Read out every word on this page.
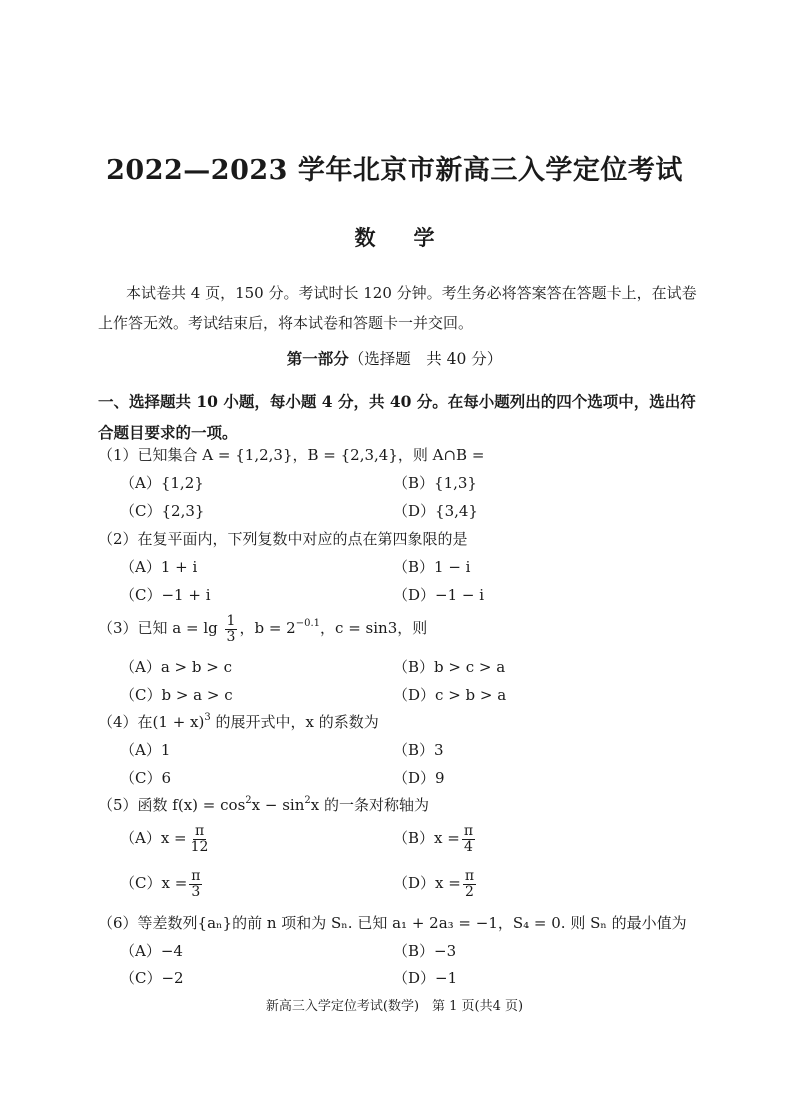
2022—2023 学年北京市新高三入学定位考试
数学
本试卷共 4 页，150 分。考试时长 120 分钟。考生务必将答案答在答题卡上，在试卷上作答无效。考试结束后，将本试卷和答题卡一并交回。
第一部分（选择题　共 40 分）
一、选择题共 10 小题，每小题 4 分，共 40 分。在每小题列出的四个选项中，选出符合题目要求的一项。
（1）已知集合 A = {1,2,3}，B = {2,3,4}，则 A∩B =
（A）{1,2}	（B）{1,3}
（C）{2,3}	（D）{3,4}
（2）在复平面内，下列复数中对应的点在第四象限的是
（A）1 + i	（B）1 − i
（C）−1 + i	（D）−1 − i
（3）已知 $a = \lg \frac{1}{3}$ ，$b = 2^{-0.1}$，c = sin3，则
（A）a > b > c	（B）b > c > a
（C）b > a > c	（D）c > b > a
（4）在$(1 + x)^3$ 的展开式中，x 的系数为
（A）1	（B）3
（C）6	（D）9
（5）函数 $f(x) = \cos^2x - \sin^2x$ 的一条对称轴为
$(A)x = \frac{\pi}{12}$	$(B)x = \frac{\pi}{4}$
$(C)x = \frac{\pi}{3}$	$(D)x = \frac{\pi}{2}$
（6）等差数列{aₙ}的前 n 项和为 Sₙ. 已知 a₁ + 2a₃ = −1，S₄ = 0. 则 Sₙ 的最小值为
（A）−4	（B）−3
（C）−2	（D）−1
新高三入学定位考试(数学)　第 1 页(共4 页)
